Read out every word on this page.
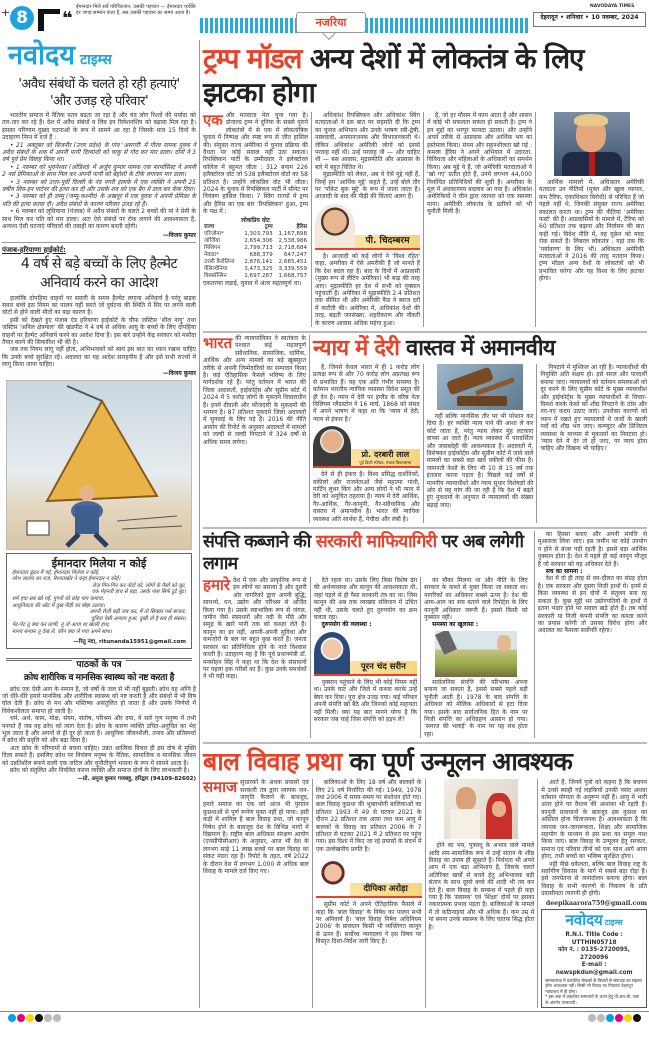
+ 8	❝
ईमानदार मिलें सर्वे परिचितजन, उसकी पहचान — ईमानदार व्यक्ति हर जगह सम्मान पाता है, बस उसकी पहचान का समय आता है।
नजरिया
NAVODAYA TIMES
देहरादून • शनिवार • 10 नवम्बर, 2024
नवोदय टाइम्स
'अवैध संबंधों के चलते हो रही हत्याएं'
'और उजड़ रहे परिवार'

भारतीय समाज में नैतिक पतन बढ़ता जा रहा है और चंद लोग रिश्तों की मर्यादा को तार-तार कर रहे हैं। देश में अवैध संबंधों व लिव इन रिलेशनशिप को बढ़ावा मिल रहा है। इसका परिणाम दुखद घटनाओं के रूप में सामने आ रहा है जिसके मात्र 15 दिनों के उदाहरण निम्न में दर्ज हैं :

• 21 अक्तूबर को बिजनौर (उत्तर प्रदेश) के गांव 'असगरी' में गौरव नामक युवक ने अवैध संबंधों के शक में अपनी पत्नी दिव्यांशी को चाकू से गोद कर मार डाला। दोनों ने 3 वर्ष पूर्व प्रेम विवाह किया था।

• 1 नवम्बर को भुवनेश्वर (ओडिशा) में अर्जुन कुमार नामक एक फार्मासिस्ट ने अपनी 2 नर्स प्रेमिकाओं के साथ मिल कर अपनी पत्नी को बेहोशी के टीके लगाकर मार डाला।

• 3 नवम्बर को उत्तर-पूर्वी दिल्ली के नंद नगरी इलाके में एक व्यक्ति ने अपनी 25 वर्षीय लिव-इन पार्टनर की हत्या कर दी और उसके शव को एक बैग में डाल कर फेंक दिया।

• 3 नवम्बर को ही जम्मू (जम्मू-कश्मीर) के अखनूर में एक युवक ने अपनी प्रेमिका के पति की हत्या करवा दी। अवैध संबंधों के कारण परिवार उजड़ रहे हैं।

• 6 नवम्बर को लुधियाना (पंजाब) में अवैध संबंधों के चलते 2 बच्चों की मां ने प्रेमी के साथ मिल कर पति को मार डाला। अतः ऐसे संबंधों पर रोक लगाने की आवश्यकता है, अन्यथा ऐसी घटनाएं परिवारों की तबाही का कारण बनती रहेंगी।

—विजय कुमार
पंजाब-हरियाणा हाईकोर्ट:
4 वर्ष से बड़े बच्चों के लिए हैल्मेट
अनिवार्य करने का आदेश

हालांकि दोपहिया वाहनों पर सवारी के समय हैल्मेट लगाना अनिवार्य है परंतु बाइक सवार बच्चे इस नियम का पालन नहीं करते जो दुर्घटना की स्थिति में सिर पर लगने वाली चोटों से होने वाली मौतों का बड़ा कारण है।

इसी को देखते हुए पंजाब एंड हरियाणा हाईकोर्ट के चीफ जस्टिस 'शील नागु' तथा जस्टिस 'अनिल क्षेत्रपाल' की खंडपीठ ने 4 वर्ष से अधिक आयु के बच्चों के लिए दोपहिया वाहनों पर हैल्मेट अनिवार्य करने का आदेश दिया है। इस बारे उन्होंने केंद्र सरकार को मसौदा तैयार करने की सिफारिश भी की है।

जब तक नियम लागू नहीं होता, अभिभावकों को स्वयं इस बात का ध्यान रखना चाहिए कि उनके बच्चे सुरक्षित रहें। अदालत का यह आदेश सराहनीय है और इसे सभी राज्यों में लागू किया जाना चाहिए।

—विजय कुमार
ईमानदार मिलेया न कोई
ईमानदार ढूंढन मैं गई, ईमानदार मिलेया न कोई,
लोभ लालच का राज, रिश्वतखोर ने कहा ईमानदार न कोई।
रोज़ गिन-गिन कर नोटों को, लोगों के पैसों को लूट,
एक मेहनती हाथ से बड़ा, उसके पास सिर्फ टूटे बूट।
शर्म हया सब खो गई, पुण्यों को छोड़ पाप कमाया,
आधुनिकता की ओट में दुख पीड़ी का बोझ उठाया।
अपनी रोज़ी बढ़ी जब कर, मैं तो सिक्का पर्स बाजार,
दुनिया ऐसी अन्याय हुआ, दुखी तो है सब ही संसार।
पेट-पेट तू क्या कर प्राणी, तू तो आया था खाली हाथ,
मानव बनकर तू देख ले, कौन क्या ले गया अपने साथ।
—रितु नंदा, ritunanda15951@gmail.com
पाठकों के पत्र
क्रोध शारीरिक व मानसिक स्वास्थ्य को नष्ट करता है

क्रोध एक ऐसी आग के समान है, जो वर्षों के जल से भी नहीं बुझती। क्रोध वह अग्नि है जो धीरे-धीरे हमारे मानसिक और शारीरिक स्वास्थ्य को नष्ट करती है और संबंधों में भी विष घोल देती है। क्रोध से मन और मस्तिष्क असंतुलित हो जाता है और उसके निर्णयों में विवेकशीलता समाप्त हो जाती है।

धर्म, अर्थ, काम, मोक्ष, संयम, संतोष, परिश्रम और दया, ये सारे गुण मनुष्य में तभी पनपते हैं जब वह क्रोध को त्याग देता है। क्रोध के कारण व्यक्ति उचित-अनुचित का भेद भूल जाता है और अपनों से ही दूर हो जाता है। आधुनिक जीवनशैली, तनाव और प्रतिस्पर्धा ने क्रोध की प्रवृत्ति को और बढ़ा दिया है।

अतः क्रोध के परिणामों से बचना चाहिए। उन्नत आत्मिक विचार ही इस दोष से मुक्ति दिला सकते हैं। इसलिए क्रोध पर नियंत्रण मनुष्य के नैतिक, सामाजिक व मानसिक जीवन को उन्नतिशील बनाने वाली एक जटिल और चुनौतीपूर्ण भावना के रूप में सामने आता है।

क्रोध को संतुलित और नियंत्रित करना व्यक्ति और समाज दोनों के लिए लाभकारी है।

—प्रो. अनुज कुमार गजबहु, हरिद्वार (94109-82602)
ट्रम्प मॉडल अन्य देशों में लोकतंत्र के लिए झटका होगा
एक और मतदाता मेरा चुना गया है। डोनाल्ड ट्रम्प ने दुनिया के सबसे पुराने लोकतंत्रों में से एक में लोकतांत्रिक चुनाव में निष्पक्ष और स्पष्ट रूप से जीत हासिल की। संयुक्त राज्य अमेरिका में चुनाव प्रक्रिया की वैधता पर कोई सवाल नहीं उठा सकता। रिपब्लिकन पार्टी के उम्मीदवार ने इलेक्टोरल कॉलेज में बहुमत जीता : 312 बनाम 226 इलैक्टोरल वोट जो 538 इलैक्टोरल वोटों का 58 प्रतिशत है। उन्होंने लोकप्रिय वोट भी जीता। 2024 के चुनाव में रिपब्लिकन पार्टी ने सीनेट पर नियंत्रण हासिल किया। 7 स्विंग राज्यों में ट्रम्प और हैरिस का एक बार 'रिपब्लिकन' हुआ, ट्रम्प के पक्ष में :
लोकप्रिय वोट
राज्य	ट्रम्प	हैरिस
एरिज़ोना*	1,303,793	1,167,898
जॉर्जिया	2,654,306	2,538,986
मिशिगन	2,799,713	2,718,684
नेवाडा*	688,379	647,247
उत्तरी कैरोलिना	2,876,141	2,685,451
पेंसिल्वेनिया	3,473,325	3,339,559
विस्कॉन्सिन	1,697,287	1,668,757
एकतरफा लड़ाई, चुनाव में अंतर महत्वपूर्ण था।

अधिकांश रिपब्लिकन और अधिकांश स्विंग मतदाताओं ने इस बात पर सहमति दी कि ट्रम्प का चुनाव अभियान और उनके भाषण स्त्री-द्वेषी, नस्लवादी, अपमानजनक और विभाजनकारी थे। लेकिन अधिकांश अमेरिकी लोगों को इससे परवाह नहीं थी। उन्हें परवाह थी — और चाहिए थी — बस आवास, मुद्रास्फीति और अप्रवास के बारे में बहुत चिंतित थे।

मुद्रास्फीति को लेकर, अब ये ऐसे मुद्दे नहीं हैं, जिन्हें हम 'आर्थिक मुद्दे' कहते हैं, उन्हें बोले तौर पर 'पॉकेट बुक मुद्दे' के रूप में जाना जाता है। आज़ादी के बाद की पीढ़ी की चिंताएं अलग हैं।

पी. चिदम्बरम

है। आज़ादी को कई लोगों ने 'विश्व रहित' कहा, अमरीका में ऐसे अमरीकी हैं जो मानते हैं कि देश बदल रहा है। बाद के दिनों में आप्रवासी (मुख्य रूप से लैटिन अमेरिका) भी बाढ़ की तरह आए। मुद्रास्फीति हर देश में सभी को नुक्सान पहुंचाती है। अमेरिका में मुद्रास्फीति 2.4 प्रतिशत तक सीमित थी और अमेरिकी फैड ने ब्याज दरों में कटौती की। अमेरिका में, अधिकांश देशों की तरह, बढ़ती जनसंख्या, शहरीकरण और नौकरी के कारण आवास अधिक महंगा हुआ।

है, जो हर मौसम में काम आता है और शासन में कोई भी सफलता सफल हो सकती है। ट्रम्प ने इन मुद्दों का भरपूर फायदा उठाया। और उन्होंने अपने तरीके से आप्रवास और आर्थिक भय का इस्तेमाल किया। संयम और सहनशीलता खो गई : कमला हैरिस ने अपने अभियान में उदारता, विविधता और महिलाओं के अधिकारों का समर्थन किया। अब मुद्दे ये हैं, जो अमेरिकी मतदाताओं ने 'खो गए' प्रतीत होते हैं, उनमें लगभग 44,000 निर्वाचित प्रतिनिधियों की सूची है। अमरीका के मूल में अंधकारमय बदलाव आ गया है। अधिकांश अमेरिकियों ने चीन द्वारा व्यापार को एक समस्या माना। अमेरिकी लोकतंत्र के प्रतीकों को भी चुनौती मिली है।

आर्थिक मामलों में, अधिकतर अमेरिकी मतदाता उन नीतियों (मुक्त और खुला व्यापार, कम टैरिफ, एकाधिकार विरोधी) से परिचित हैं जो पहले नहीं थे, जिनकी संयुक्त राज्य अमेरिका वकालत करता था। ट्रम्प की नीतियां 'अमेरिका फर्स्ट' की हैं। आप्रवासियों के मामले में, टैरिफ को 60 प्रतिशत तक बढ़ाना और निर्वासन की बात कही गई। विदेश नीति में, वह यूक्रेन को मदद रोक सकते हैं। लिबरल लोकतंत्र : यहां तक कि 'पर्यावरण' के लिए भी। अधिकतर अमेरिकी मतदाताओं ने 2016 की तरह मतदान किया। ट्रम्प मॉडल अन्य देशों के लोकतंत्रों को भी प्रभावित करेगा और यह विश्व के लिए झटका होगा।

भारत की न्यायपालिका ने स्वतंत्रता के पश्चात कई महत्वपूर्ण संवैधानिक, सामाजिक, धार्मिक, आर्थिक और अन्य मामलों का बड़े खूबसूरत तरीके से अपनी जिम्मेदारियों का सम्पादन किया है। कई ऐतिहासिक फैसले भविष्य के लिए मार्गदर्शक रहे हैं। परंतु वर्तमान में भारत की जिला अदालतों, हाईकोर्ट्स और सुप्रीम कोर्ट में 2024 में 5 करोड़ लोगों के मुकदमे विचाराधीन हैं। इनमें दीवानी और फौजदारी के मुकदमों की भरमार है। 87 प्रतिशत मुकदमे जिला अदालतों में सुनवाई के लिए पड़े हैं। 2016 की नीति आयोग की रिपोर्ट के अनुसार अदालतों में मामलों को जल्दी से जल्दी निपटाने में 324 वर्षों से अधिक समय लगेगा।
न्याय में देरी वास्तव में अमानवीय

है, जिनसे केवल भारत में ही 1 करोड़ लोग प्रत्यक्ष रूप से और 70 करोड़ लोग अप्रत्यक्ष रूप से प्रभावित हैं। यह एक अति गंभीर समस्या है। वर्तमान भारतीय न्यायिक व्यवस्था विदेश प्रसूत की ही देन है। न्याय में देरी पर इंग्लैंड के वरिष्ठ नेता विलियम ग्लैडस्टोन ने 16 मार्च, 1868 को संसद में अपने भाषण में कहा था कि 'न्याय में देरी, न्याय से इंकार है।'

प्रो. दरबारी लाल
पूर्व डिप्टी स्पीकर, पंजाब विधानसभा

देने से ही इंकार है। विश्व प्रसिद्ध दार्शनिकों, वकीलों और राजनेताओं जैसे महात्मा गांधी, मार्टिन लूथर किंग और अन्य लोगों ने भी न्याय में देरी को अनुचित ठहराया है। न्याय में देरी आर्थिक, गैर-आर्थिक, गैर-कानूनी, गैर-संवैधानिक और वास्तव में अमानवीय है। भारत की न्यायिक व्यवस्था अति सार्थक है, पेचीदा और लंबी है।

नहीं बल्कि मानसिक तौर पर भी परेशान कर दिया है। हर व्यक्ति न्याय पाने की आशा ले कर कोर्ट जाता है, परंतु न्याय लेकर मुंह लटकाए वापस आ जाते हैं। न्याय व्यवस्था में पारदर्शिता और जवाबदेही की आवश्यकता है। अदालतों में, विशेषकर हाईकोर्ट्स और सुप्रीम कोर्ट में जाने वाले मामलों का सबसे बड़ा खर्च वकीलों की फीस है। जमानती केसों के लिए भी 10 से 15 वर्ष तक इंतजार करना पड़ता है। पिछले कई वर्षों से माननीय न्यायाधीशों और न्याय सुधार विशेषज्ञों की ओर से यह मांग की जा रही है कि देश में बढ़ते हुए मुकदमों के अनुपात में न्यायालयों की संख्या बढ़ाई जाए।

निपटाने में मुश्किल आ रही है। न्यायाधीशों की नियुक्ति अति सक्षम हो। इसे सरल और पारदर्शी बनाया जाए। न्यायालयों को वर्तमान समस्याओं को दूर करने के लिए सुप्रीम कोर्ट के मुख्य न्यायाधीश और हाईकोर्ट्स के मुख्य न्यायाधीशों से विचार-विमर्श करके केसों को शीघ्र निपटाने के ठोस और नए-नए कदम उठाए जाएं। उपरोक्त कारणों को ध्यान में रखते हुए न्यायालयों में जजों के खाली पदों को शीघ्र भरा जाए। कम्प्यूटर और डिजिटल व्यवस्था के माध्यम से मुकदमों का निपटारा हो। 'न्याय देने में देर तो हो जाए, पर न्याय होना चाहिए और दिखना भी चाहिए।'

संपत्ति कब्जाने की सरकारी माफियागिरी पर अब लगेगी लगाम
हमारे देश में एक और प्राकृतिक रूप से हम लोगों का बसाया है और दूसरी ओर नागरिकों द्वारा अपनी बुद्धि, सामर्थ्य, धन, उद्योग और परिश्रम से अर्जित किया गया है। उसके स्वाभाविक रूप से जंगल, जमीन जैसे संसाधनों और नदी के मीठे और समुद्र के खारे पानी तक को कब्ज़ा लेते हैं। कानून का डर नहीं, अपनी-अपनी सुविधा और कमजोरों के बल पर बहुत कुछ करते हैं। जनता सरकार का प्रतिनिधित्व होने के नाते विश्वास करती है। उदाहरण यह है कि पूर्व प्रधानमंत्री डॉ. मनमोहन सिंह ने कहा था कि देश के संसाधनों पर पहला हक गरीबों का है। कुछ उनके समर्थकों ने भी यही कहा।

देते रहना था। उसके लिए किस विशेष ढंग की अर्थव्यवस्था और कानून की आवश्यकता थी, जहां पहले से ही पैसा सरकारी तंत्र का था। जिस कानून की अब तक व्याख्या संविधान में उचित नहीं थी, उसके चलते हुए दुरुपयोग का क्रम चलता रहा।

दुरुपयोग की व्यवस्था :

पूरन चंद सरीन

नुक्सान पहुंचाने के लिए भी कोई नियम नहीं था। उनके घाट और जिले में कब्जा करके उन्हें बेघर कर दिया। पूरा क्षेत्र उजड़ गया। कई परिवार अपनी संपत्ति खो बैठे और जिनको कोई सहायता नहीं मिली। क्या यह बात मानने योग्य है कि सरकार जब चाहे जिस संपत्ति को हड़प ले?

का मौका मिलना था और नीति के लिए सरकार के कब्जे से मुक्त किया जा सकता था। नागरिकों का अधिकार सबसे ऊपर है। देश की आम-आम का सच बताने वाले रिपोर्ट्स के लिए कानूनी अधिकार जरूरी हैं। इससे किसी को नुक्सान नहीं।

समस्या का खुलासा :

सार्वजनिक संपत्ति की परिभाषा अपना बनाना जा सकता है, इससे सबसे पहले बड़ी चुनौती आती है। 1978 के बाद संपत्ति के अधिकार को मौलिक अधिकारों से हटा दिया गया। इसके बाद सार्वजनिक हित के नाम पर निजी संपत्ति का अधिग्रहण आसान हो गया। 'समाज की भलाई' के नाम पर यह सब होता रहा।

का हिस्सा बनाए और अपनी संपत्ति से मुआवजा लिया जाए। इस जमीन का कोई उपयोग न होने से बंजर पड़ी रहती है। इससे बड़ा आर्थिक नुक्सान होता है। देश में पहले ही कई कानून मौजूद हैं जो सरकार को यह अधिकार देते हैं।

सच का सामना :

देश में दो ही तरह से धन-दौलत का संग्रह होता है। एक सरकार और दूसरा निजी हाथों में। इनमें से किस व्यवस्था से इन दोनों में संतुलन बना रह सकता है। कुछ मुट्ठी भर उद्योगपतियों के हाथों में इतना भंडार होने पर सवाल खड़े होते हैं। तब कोई सरकारी या निजी कंपनी संपत्ति का कब्जा करने का प्रयास करेगी तो उसका विरोध होगा और अदालत का फैसला सर्वोपरि रहेगा।

बाल विवाह प्रथा का पूर्ण उन्मूलन आवश्यक
समाज सुधारकों के अथक प्रयासों एवं सरकारी तंत्र द्वारा व्यापक जन-जागृति फैलाने के बावजूद, हमारे समाज का एक वर्ग आज भी पुरातन कुप्रथाओं से पूर्ण रूपेण मुक्त नहीं हो पाया। इसी कड़ी में शामिल है बाल विवाह प्रथा, जो कानून निषेध होने के बावजूद देश के विभिन्न भागों में विद्यमान है। राष्ट्रीय बाल अधिकार संरक्षण आयोग (एनसीपीसीआर) के अनुसार, आज भी देश के लगभग साढ़े 11 लाख बच्चों पर बाल विवाह का संकट मंडरा रहा है। रिपोर्ट के तहत, वर्ष 2022 के दौरान देश में लगभग 1,000 से अधिक बाल विवाह के मामले दर्ज किए गए।

बालिकाओं के लिए 18 वर्ष और बालकों के लिए 21 वर्ष निर्धारित की गई। 1949, 1978 तथा 2006 में समय-समय पर संशोधन होते गए। बाल विवाह कुप्रथा की भुक्तभोगी बालिकाओं का प्रतिशत 1993 में 49 से घटकर 2021 के दौरान 22 प्रतिशत तक आया तथा कम आयु में बालकों के विवाह का प्रतिशत 2006 के 7 प्रतिशत से घटकर 2021 में 2 प्रतिशत पर पहुंच गया। इस दिशा में किए जा रहे प्रयासों के संदर्भ में एक उल्लेखनीय प्रगति है।

दीपिका अरोड़ा

सुप्रीम कोर्ट ने अपने ऐतिहासिक फैसले में कहा कि 'बाल विवाह' के निषेध का पालन सभी पर अनिवार्य है। 'बाल विवाह निषेध अधिनियम 2006' के प्रावधान किसी भी व्यक्तिगत कानून से ऊपर हैं। सर्वोच्च न्यायालय ने इस विषय पर विस्तृत दिशा-निर्देश जारी किए हैं।

होने का भय, पुत्रवधू के अभाव वाले मामले आदि सम-सामाजिक रूप में उन्हें संतान के शीघ्र विवाह का उपाय ही सुझाते हैं। निर्धनता भी अपने आप में एक बड़ा अभिशाप है, जिसके चलते अतिरिक्त खर्चों से बचने हेतु अभिभावक बड़ी संतान के साथ दूसरे बच्चे की शादी भी तय कर देते हैं। बाल विवाह के सम्बन्ध में पहले ही कहा गया है कि 'स्वास्थ्य' एवं 'शिक्षा' दोनों पर इसका नकारात्मक प्रभाव पड़ता है। बालिकाओं के मामले में तो कठिनाइयां और भी अधिक हैं। कम उम्र में मां बनना उनके स्वास्थ्य के लिए घातक सिद्ध होता है।

आते हैं, जिनमें पुत्रों को कहना है कि बचपन में उनसे ब्याही गई लड़कियों उनकी पसंद अथवा वर्तमान योग्यता के अनुरूप नहीं हैं। आयु में भारी अंतर होने पर वैधव्य की आशंका भी रहती है। कानूनी प्रावधानों के बावजूद इस कुप्रथा का अस्तित्व होना चिंताजनक है। आवश्यकता है कि व्यापक जन-जागरूकता, शिक्षा और सामाजिक सहयोग के माध्यम से इस प्रथा का समूल नाश किया जाए। बाल विवाह के उन्मूलन हेतु सरकार, समाज एवं परिवार तीनों को एक साथ आगे आना होगा, तभी बच्चों का भविष्य सुरक्षित होगा।

नहीं पीछे धकेलता, बल्कि बाल विवाह राष्ट्र के सर्वांगीण विकास के मार्ग में सबसे बड़ा रोड़ा है। इसे जनचेतना से जनांदोलन बनाना होगा। बाल विवाह के सभी कारणों के निवारण के प्रति उदासीनता त्यागनी ही होगी।

deepikaarora759@gmail.com
नवोदय टाइम्स
R.N.I. Title Code : UTTHIN05718
फोन नं. : 0135-2720095, 2720096
E-mail : newspkdun@gmail.com
समाचारपत्र में प्रकाशित लेखकों के विचारों से संपादक का सहमत होना आवश्यक नहीं। किसी भी विवाद का निपटारा देहरादून न्यायालय में ही होगा।
* इस अंक में प्रकाशित समाचारों के चयन हेतु पी.आर.बी. एक्ट के अंतर्गत उत्तरदायी।
